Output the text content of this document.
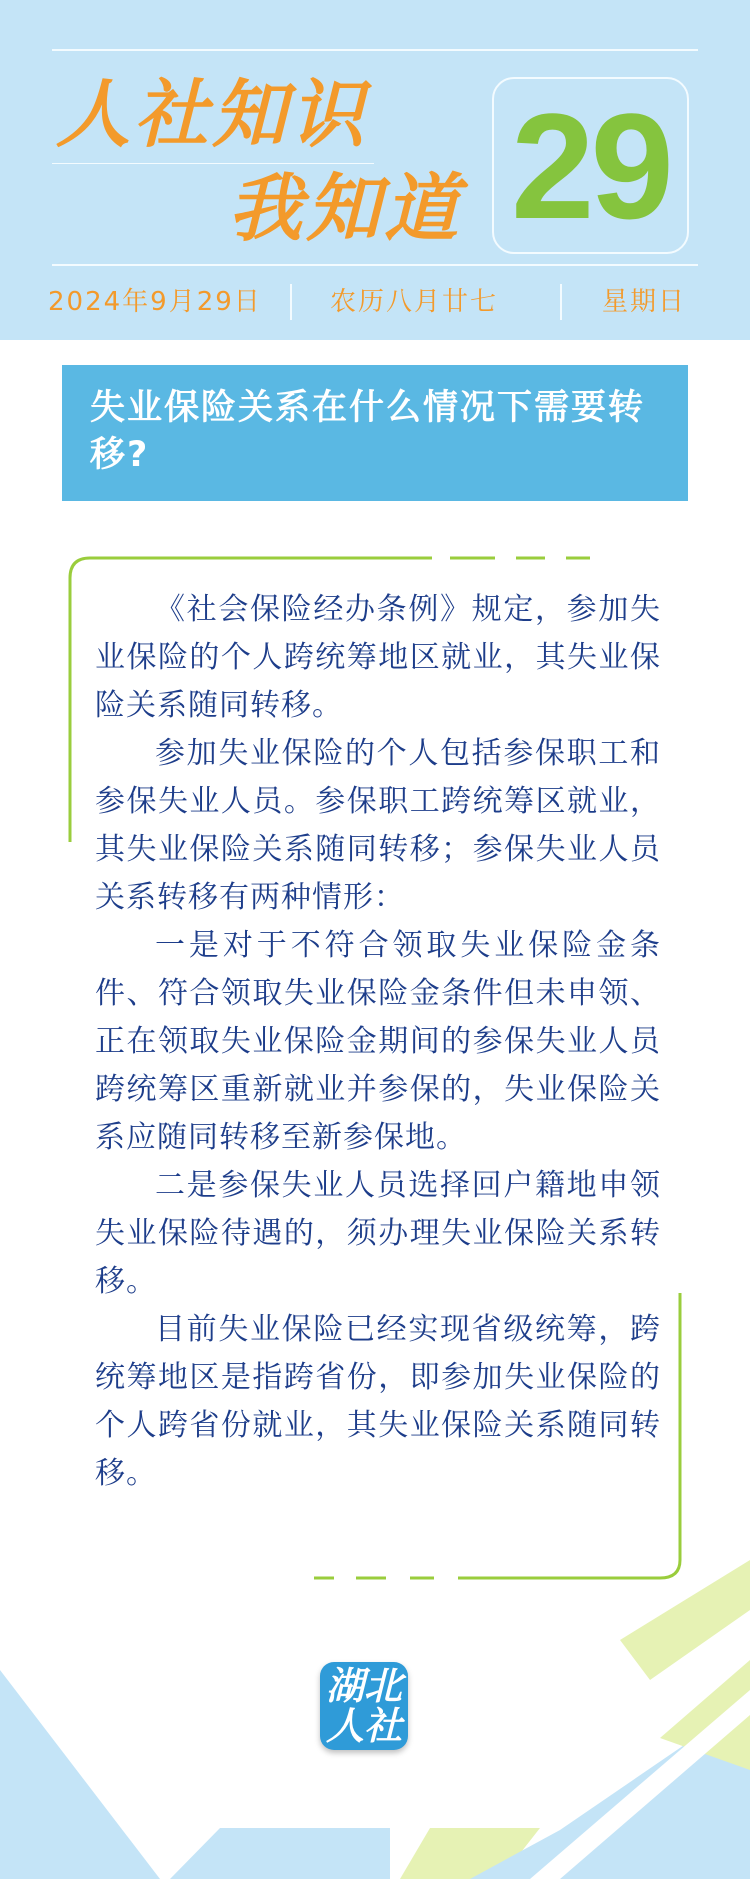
人社知识
我知道 29
2024年9月29日	农历八月廿七	星期日
失业保险关系在什么情况下需要转移?

《社会保险经办条例》规定，参加失业保险的个人跨统筹地区就业，其失业保险关系随同转移。

参加失业保险的个人包括参保职工和参保失业人员。参保职工跨统筹区就业，其失业保险关系随同转移；参保失业人员关系转移有两种情形：

一是对于不符合领取失业保险金条件、符合领取失业保险金条件但未申领、正在领取失业保险金期间的参保失业人员跨统筹区重新就业并参保的，失业保险关系应随同转移至新参保地。

二是参保失业人员选择回户籍地申领失业保险待遇的，须办理失业保险关系转移。

目前失业保险已经实现省级统筹，跨统筹地区是指跨省份，即参加失业保险的个人跨省份就业，其失业保险关系随同转移。

湖北人社
